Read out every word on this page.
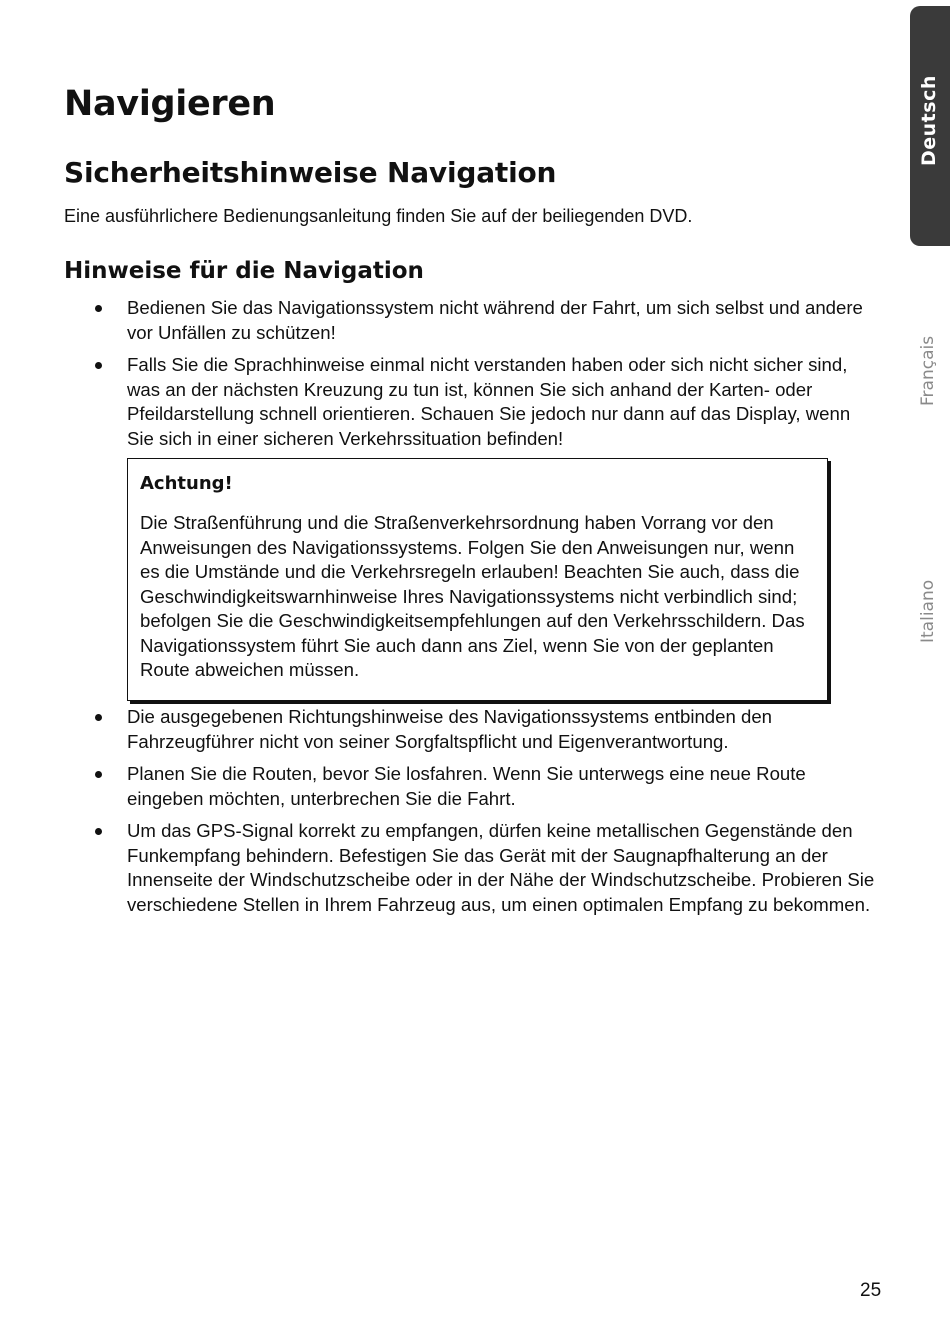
Navigieren
Sicherheitshinweise Navigation

Eine ausführlichere Bedienungsanleitung finden Sie auf der beiliegenden DVD.

Hinweise für die Navigation
Bedienen Sie das Navigationssystem nicht während der Fahrt, um sich selbst und andere vor Unfällen zu schützen!
Falls Sie die Sprachhinweise einmal nicht verstanden haben oder sich nicht sicher sind, was an der nächsten Kreuzung zu tun ist, können Sie sich anhand der Karten- oder Pfeildarstellung schnell orientieren. Schauen Sie jedoch nur dann auf das Display, wenn Sie sich in einer sicheren Verkehrssituation befinden!
Achtung!
Die Straßenführung und die Straßenverkehrsordnung haben Vorrang vor den Anweisungen des Navigationssystems. Folgen Sie den Anweisungen nur, wenn es die Umstände und die Verkehrsregeln erlauben! Beachten Sie auch, dass die Geschwindigkeitswarnhinweise Ihres Navigationssystems nicht verbindlich sind; befolgen Sie die Geschwindigkeitsempfehlungen auf den Verkehrsschildern. Das Navigationssystem führt Sie auch dann ans Ziel, wenn Sie von der geplanten Route abweichen müssen.
Die ausgegebenen Richtungshinweise des Navigationssystems entbinden den Fahrzeugführer nicht von seiner Sorgfaltspflicht und Eigenverantwortung.
Planen Sie die Routen, bevor Sie losfahren. Wenn Sie unterwegs eine neue Route eingeben möchten, unterbrechen Sie die Fahrt.
Um das GPS-Signal korrekt zu empfangen, dürfen keine metallischen Gegenstände den Funkempfang behindern. Befestigen Sie das Gerät mit der Saugnapfhalterung an der Innenseite der Windschutzscheibe oder in der Nähe der Windschutzscheibe. Probieren Sie verschiedene Stellen in Ihrem Fahrzeug aus, um einen optimalen Empfang zu bekommen.
Deutsch
Français
Italiano
25
